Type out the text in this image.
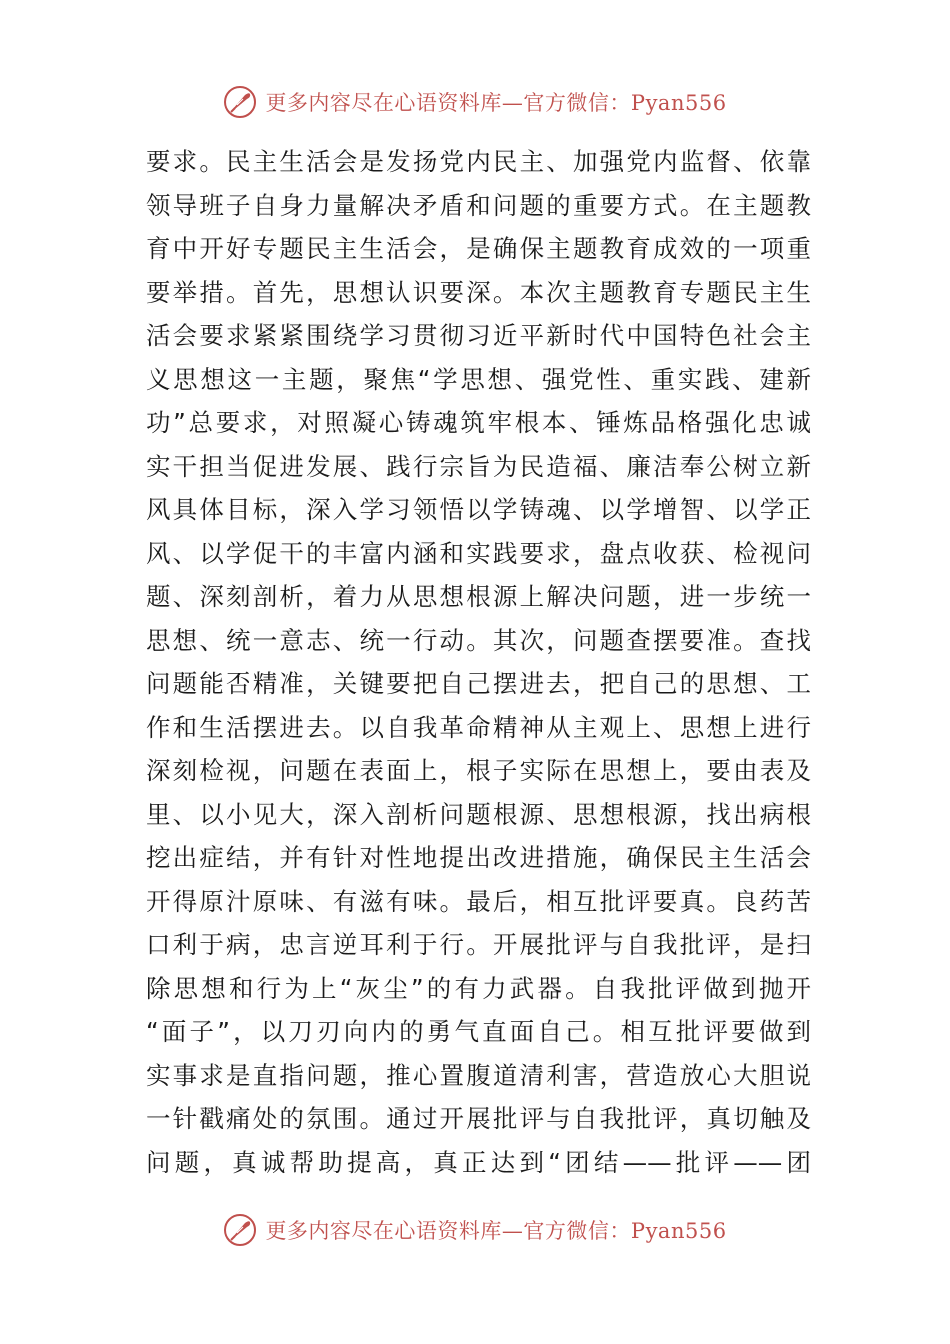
更多内容尽在心语资料库—官方微信：Pyan556
要求。民主生活会是发扬党内民主、加强党内监督、依靠
领导班子自身力量解决矛盾和问题的重要方式。在主题教
育中开好专题民主生活会，是确保主题教育成效的一项重
要举措。首先，思想认识要深。本次主题教育专题民主生
活会要求紧紧围绕学习贯彻习近平新时代中国特色社会主
义思想这一主题，聚焦“学思想、强党性、重实践、建新
功”总要求，对照凝心铸魂筑牢根本、锤炼品格强化忠诚
实干担当促进发展、践行宗旨为民造福、廉洁奉公树立新
风具体目标，深入学习领悟以学铸魂、以学增智、以学正
风、以学促干的丰富内涵和实践要求，盘点收获、检视问
题、深刻剖析，着力从思想根源上解决问题，进一步统一
思想、统一意志、统一行动。其次，问题查摆要准。查找
问题能否精准，关键要把自己摆进去，把自己的思想、工
作和生活摆进去。以自我革命精神从主观上、思想上进行
深刻检视，问题在表面上，根子实际在思想上，要由表及
里、以小见大，深入剖析问题根源、思想根源，找出病根
挖出症结，并有针对性地提出改进措施，确保民主生活会
开得原汁原味、有滋有味。最后，相互批评要真。良药苦
口利于病，忠言逆耳利于行。开展批评与自我批评，是扫
除思想和行为上“灰尘”的有力武器。自我批评做到抛开
“面子”，以刀刃向内的勇气直面自己。相互批评要做到
实事求是直指问题，推心置腹道清利害，营造放心大胆说
一针戳痛处的氛围。通过开展批评与自我批评，真切触及
问题，真诚帮助提高，真正达到“团结——批评——团
更多内容尽在心语资料库—官方微信：Pyan556
